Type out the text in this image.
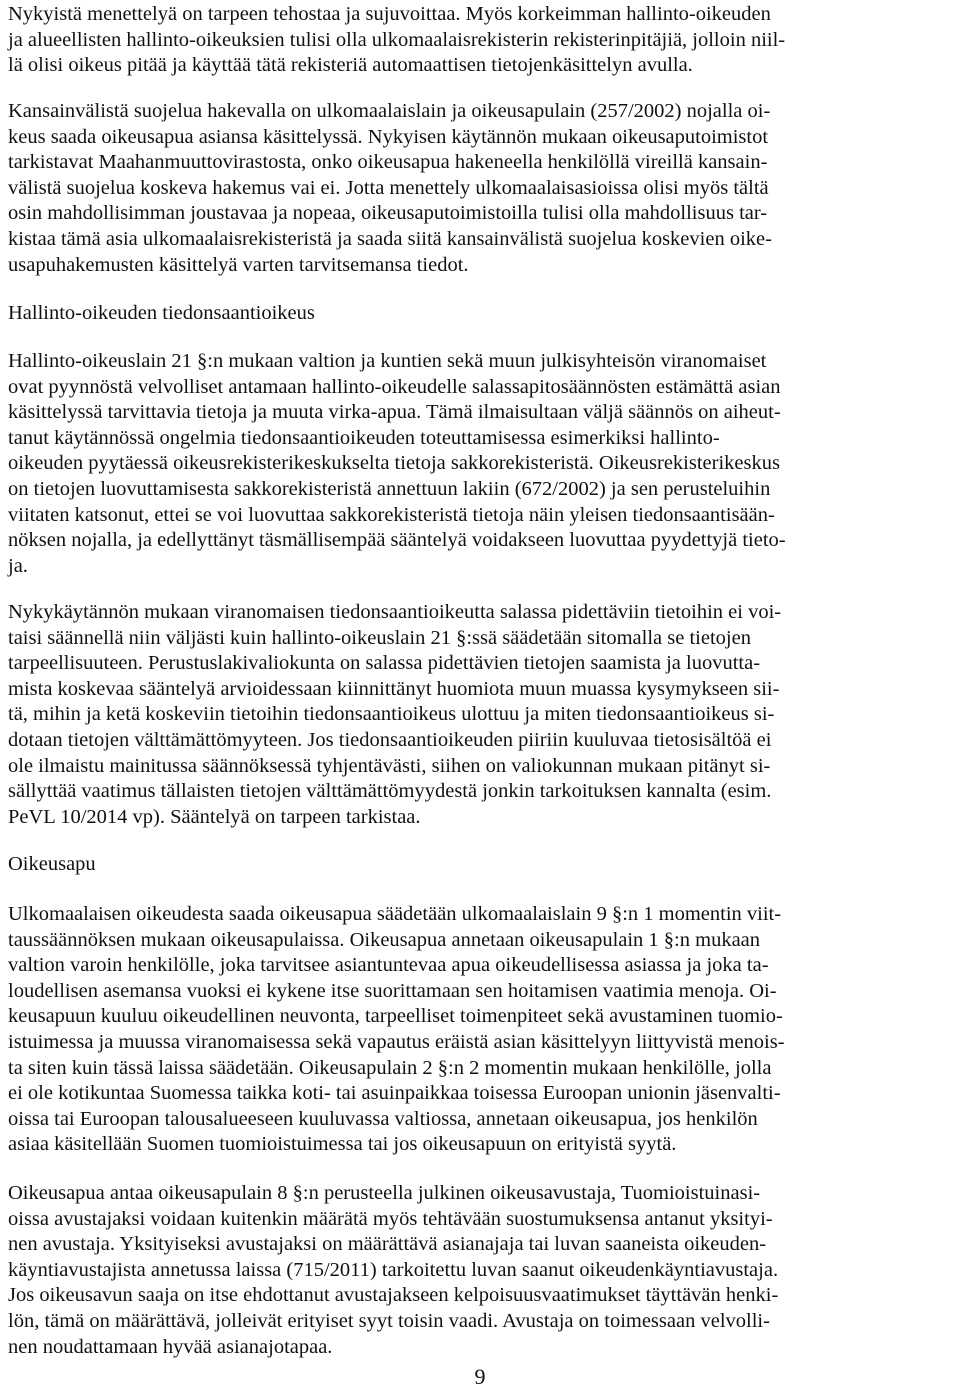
Nykyistä menettelyä on tarpeen tehostaa ja sujuvoittaa. Myös korkeimman hallinto-oikeuden
ja alueellisten hallinto-oikeuksien tulisi olla ulkomaalaisrekisterin rekisterinpitäjiä, jolloin niil-
lä olisi oikeus pitää ja käyttää tätä rekisteriä automaattisen tietojenkäsittelyn avulla.

Kansainvälistä suojelua hakevalla on ulkomaalaislain ja oikeusapulain (257/2002) nojalla oi-
keus saada oikeusapua asiansa käsittelyssä. Nykyisen käytännön mukaan oikeusaputoimistot
tarkistavat Maahanmuuttovirastosta, onko oikeusapua hakeneella henkilöllä vireillä kansain-
välistä suojelua koskeva hakemus vai ei. Jotta menettely ulkomaalaisasioissa olisi myös tältä
osin mahdollisimman joustavaa ja nopeaa, oikeusaputoimistoilla tulisi olla mahdollisuus tar-
kistaa tämä asia ulkomaalaisrekisteristä ja saada siitä kansainvälistä suojelua koskevien oike-
usapuhakemusten käsittelyä varten tarvitsemansa tiedot.

Hallinto-oikeuden tiedonsaantioikeus

Hallinto-oikeuslain 21 §:n mukaan valtion ja kuntien sekä muun julkisyhteisön viranomaiset
ovat pyynnöstä velvolliset antamaan hallinto-oikeudelle salassapitosäännösten estämättä asian
käsittelyssä tarvittavia tietoja ja muuta virka-apua. Tämä ilmaisultaan väljä säännös on aiheut-
tanut käytännössä ongelmia tiedonsaantioikeuden toteuttamisessa esimerkiksi hallinto-
oikeuden pyytäessä oikeusrekisterikeskukselta tietoja sakkorekisteristä. Oikeusrekisterikeskus
on tietojen luovuttamisesta sakkorekisteristä annettuun lakiin (672/2002) ja sen perusteluihin
viitaten katsonut, ettei se voi luovuttaa sakkorekisteristä tietoja näin yleisen tiedonsaantisään-
nöksen nojalla, ja edellyttänyt täsmällisempää sääntelyä voidakseen luovuttaa pyydettyjä tieto-
ja.

Nykykäytännön mukaan viranomaisen tiedonsaantioikeutta salassa pidettäviin tietoihin ei voi-
taisi säännellä niin väljästi kuin hallinto-oikeuslain 21 §:ssä säädetään sitomalla se tietojen
tarpeellisuuteen. Perustuslakivaliokunta on salassa pidettävien tietojen saamista ja luovutta-
mista koskevaa sääntelyä arvioidessaan kiinnittänyt huomiota muun muassa kysymykseen sii-
tä, mihin ja ketä koskeviin tietoihin tiedonsaantioikeus ulottuu ja miten tiedonsaantioikeus si-
dotaan tietojen välttämättömyyteen. Jos tiedonsaantioikeuden piiriin kuuluvaa tietosisältöä ei
ole ilmaistu mainitussa säännöksessä tyhjentävästi, siihen on valiokunnan mukaan pitänyt si-
sällyttää vaatimus tällaisten tietojen välttämättömyydestä jonkin tarkoituksen kannalta (esim.
PeVL 10/2014 vp). Sääntelyä on tarpeen tarkistaa.

Oikeusapu

Ulkomaalaisen oikeudesta saada oikeusapua säädetään ulkomaalaislain 9 §:n 1 momentin viit-
taussäännöksen mukaan oikeusapulaissa. Oikeusapua annetaan oikeusapulain 1 §:n mukaan
valtion varoin henkilölle, joka tarvitsee asiantuntevaa apua oikeudellisessa asiassa ja joka ta-
loudellisen asemansa vuoksi ei kykene itse suorittamaan sen hoitamisen vaatimia menoja. Oi-
keusapuun kuuluu oikeudellinen neuvonta, tarpeelliset toimenpiteet sekä avustaminen tuomio-
istuimessa ja muussa viranomaisessa sekä vapautus eräistä asian käsittelyyn liittyvistä menois-
ta siten kuin tässä laissa säädetään. Oikeusapulain 2 §:n 2 momentin mukaan henkilölle, jolla
ei ole kotikuntaa Suomessa taikka koti- tai asuinpaikkaa toisessa Euroopan unionin jäsenvalti-
oissa tai Euroopan talousalueeseen kuuluvassa valtiossa, annetaan oikeusapua, jos henkilön
asiaa käsitellään Suomen tuomioistuimessa tai jos oikeusapuun on erityistä syytä.

Oikeusapua antaa oikeusapulain 8 §:n perusteella julkinen oikeusavustaja, Tuomioistuinasi-
oissa avustajaksi voidaan kuitenkin määrätä myös tehtävään suostumuksensa antanut yksityi-
nen avustaja. Yksityiseksi avustajaksi on määrättävä asianajaja tai luvan saaneista oikeuden-
käyntiavustajista annetussa laissa (715/2011) tarkoitettu luvan saanut oikeudenkäyntiavustaja.
Jos oikeusavun saaja on itse ehdottanut avustajakseen kelpoisuusvaatimukset täyttävän henki-
lön, tämä on määrättävä, jolleivät erityiset syyt toisin vaadi. Avustaja on toimessaan velvolli-
nen noudattamaan hyvää asianajotapaa.

9
